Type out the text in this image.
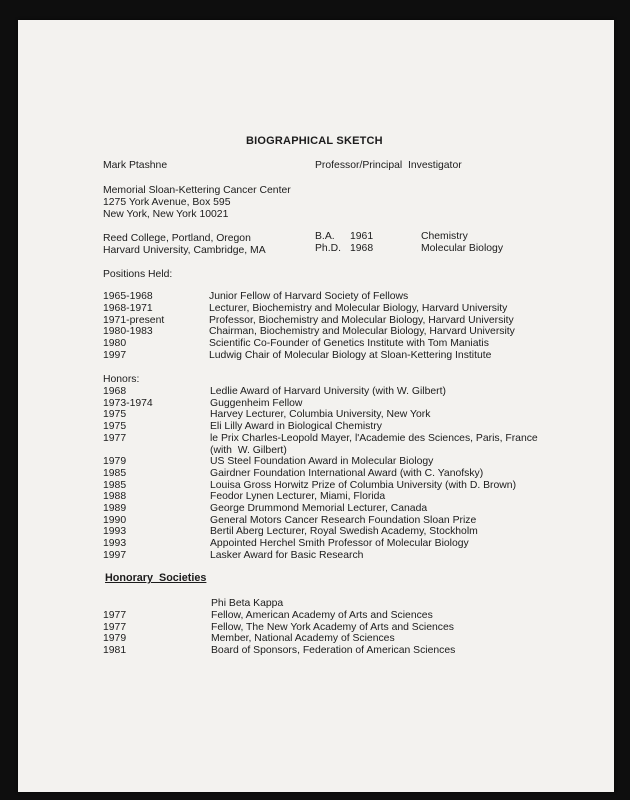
​
BIOGRAPHICAL SKETCH
Mark Ptashne	Professor/Principal  Investigator
Memorial Sloan-Kettering Cancer Center
1275 York Avenue, Box 595
New York, New York 10021
Reed College, Portland, Oregon	B.A. 1961	Chemistry
Harvard University, Cambridge, MA	Ph.D. 1968	Molecular Biology
Positions Held:
1965-1968	Junior Fellow of Harvard Society of Fellows
1968-1971	Lecturer, Biochemistry and Molecular Biology, Harvard University
1971-present	Professor, Biochemistry and Molecular Biology, Harvard University
1980-1983	Chairman, Biochemistry and Molecular Biology, Harvard University
1980	Scientific Co-Founder of Genetics Institute with Tom Maniatis
1997	Ludwig Chair of Molecular Biology at Sloan-Kettering Institute
Honors:
1968	Ledlie Award of Harvard University (with W. Gilbert)
1973-1974	Guggenheim Fellow
1975	Harvey Lecturer, Columbia University, New York
1975	Eli Lilly Award in Biological Chemistry
1977	le Prix Charles-Leopold Mayer, l'Academie des Sciences, Paris, France
(with  W. Gilbert)
1979	US Steel Foundation Award in Molecular Biology
1985	Gairdner Foundation International Award (with C. Yanofsky)
1985	Louisa Gross Horwitz Prize of Columbia University (with D. Brown)
1988	Feodor Lynen Lecturer, Miami, Florida
1989	George Drummond Memorial Lecturer, Canada
1990	General Motors Cancer Research Foundation Sloan Prize
1993	Bertil Aberg Lecturer, Royal Swedish Academy, Stockholm
1993	Appointed Herchel Smith Professor of Molecular Biology
1997	Lasker Award for Basic Research
Honorary  Societies
Phi Beta Kappa
1977	Fellow, American Academy of Arts and Sciences
1977	Fellow, The New York Academy of Arts and Sciences
1979	Member, National Academy of Sciences
1981	Board of Sponsors, Federation of American Sciences
